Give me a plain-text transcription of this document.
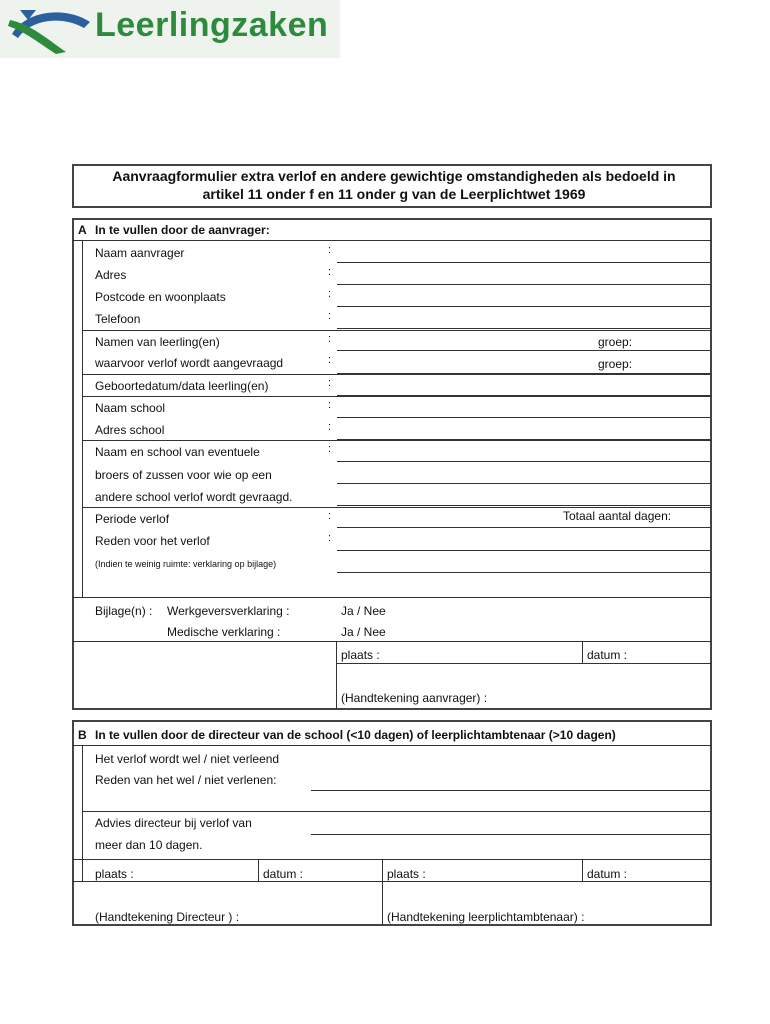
Leerlingzaken
Aanvraagformulier extra verlof en andere gewichtige omstandigheden als bedoeld in
artikel 11 onder f en 11 onder g van de Leerplichtwet 1969
A In te vullen door de aanvrager:
Naam aanvrager	:
Adres	:
Postcode en woonplaats	:
Telefoon	:
Namen van leerling(en)	:	groep:
waarvoor verlof wordt aangevraagd	:	groep:
Geboortedatum/data leerling(en)	:
Naam school	:
Adres school	:
Naam en school van eventuele	:
broers of zussen voor wie op een
andere school verlof wordt gevraagd.
Periode verlof	:	Totaal aantal dagen:
Reden voor het verlof	:
(Indien te weinig ruimte: verklaring op bijlage)
Bijlage(n) : Werkgeversverklaring :	Ja / Nee
Medische verklaring :	Ja / Nee
plaats :	datum :
(Handtekening aanvrager) :
B In te vullen door de directeur van de school (<10 dagen) of leerplichtambtenaar (>10 dagen)
Het verlof wordt wel / niet verleend
Reden van het wel / niet verlenen:
Advies directeur bij verlof van
meer dan 10 dagen.
plaats :	datum :	plaats :	datum :
(Handtekening Directeur ) :	(Handtekening leerplichtambtenaar) :
